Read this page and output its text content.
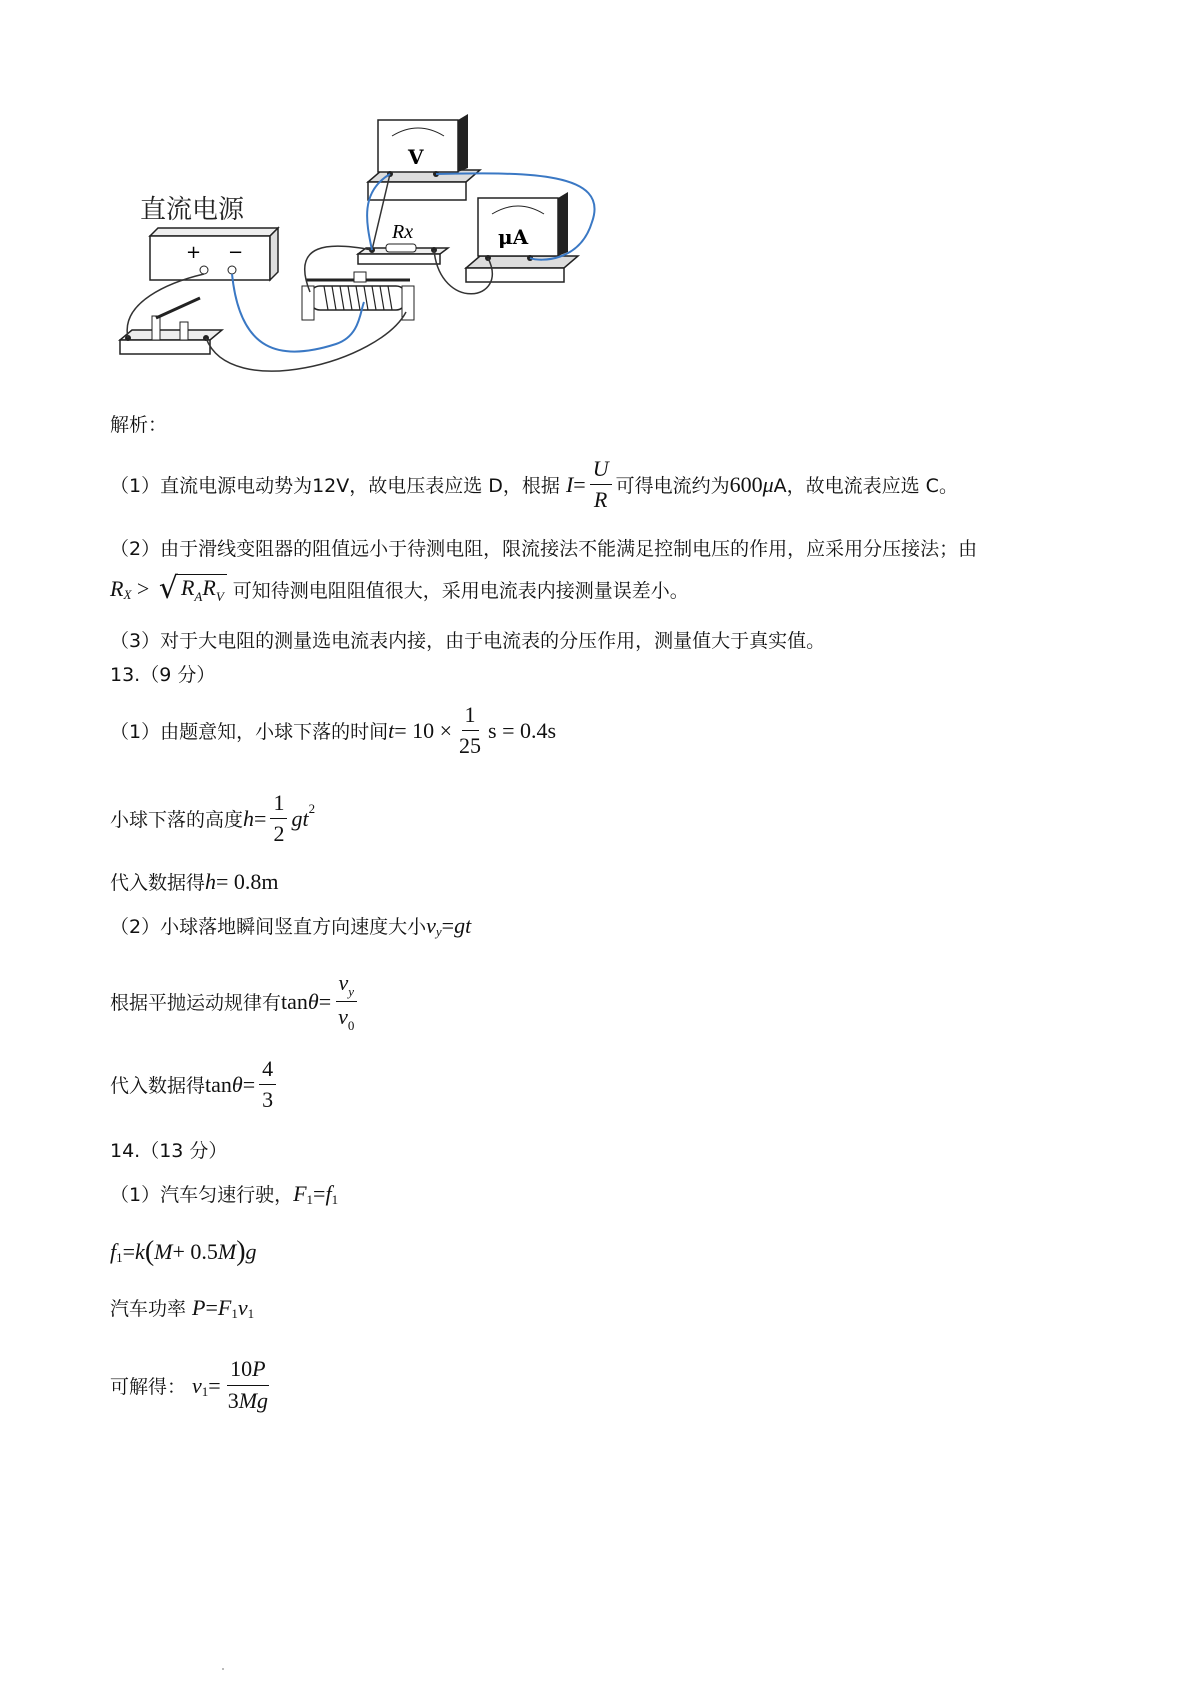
直流电源
+ −
Rx
V
μA
解析：
（1）直流电源电动势为12V，故电压表应选 D，根据 $I = \frac{U}{R}$ 可得电流约为 600 μ A，故电流表应选 C。
（2）由于滑线变阻器的阻值远小于待测电阻，限流接法不能满足控制电压的作用，应采用分压接法；由
R X > √ $R_AR_V$ 可知待测电阻阻值很大，采用电流表内接测量误差小。
（3）对于大电阻的测量选电流表内接，由于电流表的分压作用，测量值大于真实值。
13.（9 分）
（1）由题意知，小球下落的时间 $t = 10 \times \frac{1}{25}$ s = 0.4s
小球下落的高度 $h = \frac{1}{2}$ gt 2
代入数据得 h = 0.8m
（2）小球落地瞬间竖直方向速度大小 v y = gt
根据平抛运动规律有 $\tan \theta = \frac{v_y}{v_0}$
代入数据得 $\tan \theta = \frac{4}{3}$
14.（13 分）
（1）汽车匀速行驶， F 1 = f 1
f 1 = k ( M + 0.5 M ) g
汽车功率 P = F 1 v 1
可解得： v $1 = \frac{10P}{3Mg}$
